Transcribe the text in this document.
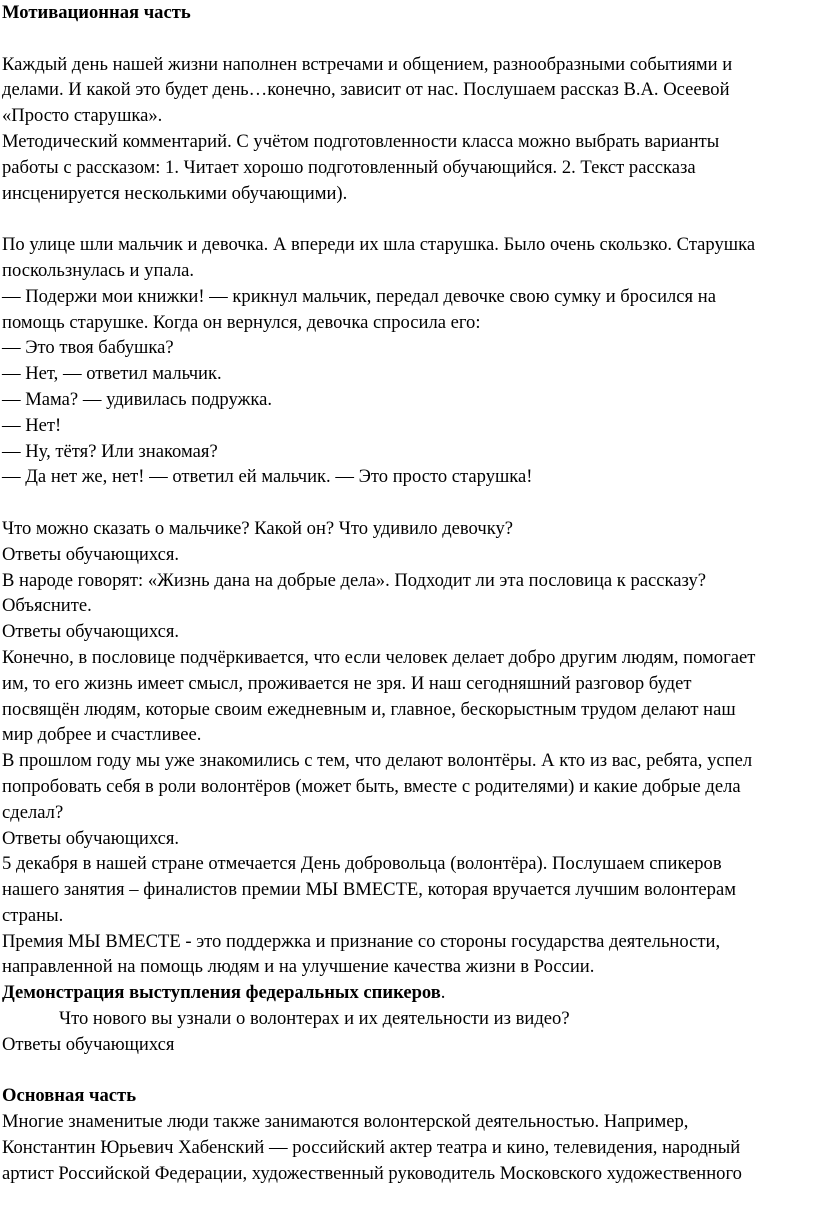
Мотивационная часть
Каждый день нашей жизни наполнен встречами и общением, разнообразными событиями и
делами. И какой это будет день…конечно, зависит от нас. Послушаем рассказ В.А. Осеевой
«Просто старушка».
Методический комментарий. С учётом подготовленности класса можно выбрать варианты
работы с рассказом: 1. Читает хорошо подготовленный обучающийся. 2. Текст рассказа
инсценируется несколькими обучающими).
По улице шли мальчик и девочка. А впереди их шла старушка. Было очень скользко. Старушка
поскользнулась и упала.
— Подержи мои книжки! — крикнул мальчик, передал девочке свою сумку и бросился на
помощь старушке. Когда он вернулся, девочка спросила его:
— Это твоя бабушка?
— Нет, — ответил мальчик.
— Мама? — удивилась подружка.
— Нет!
— Ну, тётя? Или знакомая?
— Да нет же, нет! — ответил ей мальчик. — Это просто старушка!
Что можно сказать о мальчике? Какой он? Что удивило девочку?
Ответы обучающихся.
В народе говорят: «Жизнь дана на добрые дела». Подходит ли эта пословица к рассказу?
Объясните.
Ответы обучающихся.
Конечно, в пословице подчёркивается, что если человек делает добро другим людям, помогает
им, то его жизнь имеет смысл, проживается не зря. И наш сегодняшний разговор будет
посвящён людям, которые своим ежедневным и, главное, бескорыстным трудом делают наш
мир добрее и счастливее.
В прошлом году мы уже знакомились с тем, что делают волонтёры. А кто из вас, ребята, успел
попробовать себя в роли волонтёров (может быть, вместе с родителями) и какие добрые дела
сделал?
Ответы обучающихся.
5 декабря в нашей стране отмечается День добровольца (волонтёра). Послушаем спикеров
нашего занятия – финалистов премии МЫ ВМЕСТЕ, которая вручается лучшим волонтерам
страны.
Премия МЫ ВМЕСТЕ - это поддержка и признание со стороны государства деятельности,
направленной на помощь людям и на улучшение качества жизни в России.
Демонстрация выступления федеральных спикеров.
Что нового вы узнали о волонтерах и их деятельности из видео?
Ответы обучающихся
Основная часть
Многие знаменитые люди также занимаются волонтерской деятельностью. Например,
Константин Юрьевич Хабенский — российский актер театра и кино, телевидения, народный
артист Российской Федерации, художественный руководитель Московского художественного
